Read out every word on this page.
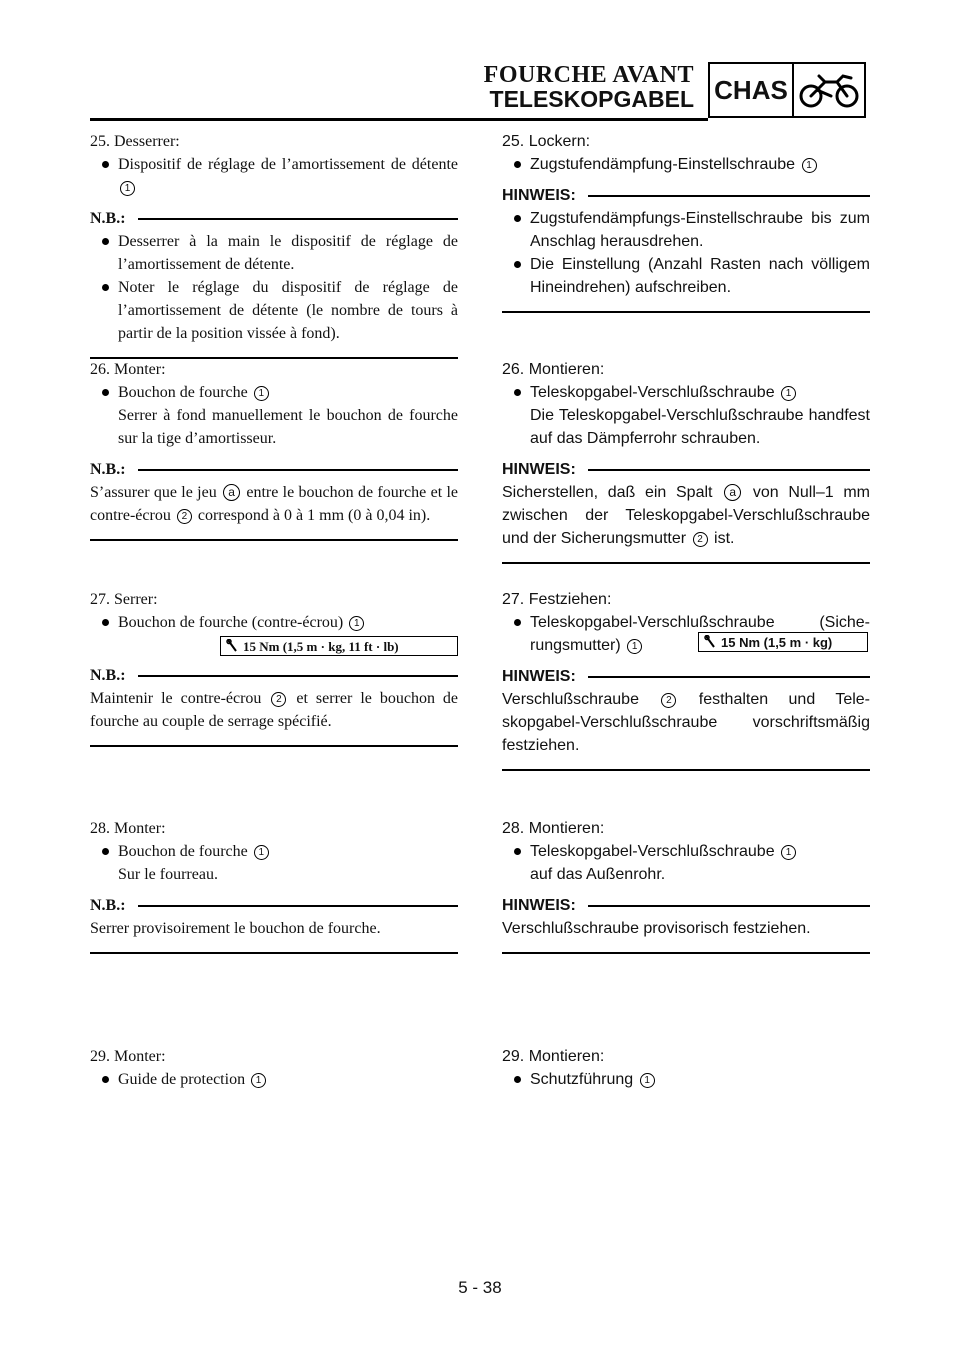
FOURCHE AVANT
TELESKOPGABEL CHAS

25. Desserrer:

Dispositif de réglage de l’amortissement de détente 1

N.B.:

Desserrer à la main le dispositif de réglage de l’amortissement de détente.

Noter le réglage du dispositif de réglage de l’amortissement de détente (le nombre de tours à partir de la position vissée à fond).

26. Monter:

Bouchon de fourche 1

Serrer à fond manuellement le bouchon de fourche sur la tige d’amortisseur.

N.B.:

S’assurer que le jeu a entre le bouchon de fourche et le contre-écrou 2 correspond à 0 à 1 mm (0 à 0,04 in).

27. Serrer:

Bouchon de fourche (contre-écrou) 1

15 Nm (1,5 m · kg, 11 ft · lb)
N.B.:

Maintenir le contre-écrou 2 et serrer le bouchon de fourche au couple de serrage spécifié.

28. Monter:

Bouchon de fourche 1

Sur le fourreau.

N.B.:

Serrer provisoirement le bouchon de fourche.

29. Monter:

Guide de protection 1

25. Lockern:

Zugstufendämpfung-Einstellschraube 1

HINWEIS:

Zugstufendämpfungs-Einstellschraube bis zum Anschlag herausdrehen.

Die Einstellung (Anzahl Rasten nach völligem Hineindrehen) aufschreiben.

26. Montieren:

Teleskopgabel-Verschlußschraube 1

Die Teleskopgabel-Verschlußschraube handfest auf das Dämpferrohr schrauben.

HINWEIS:

Sicherstellen, daß ein Spalt a von Null–1 mm zwischen der Teleskopgabel-Verschlußschraube und der Sicherungsmutter 2 ist.

27. Festziehen:

Teleskopgabel-Verschlußschraube (Sicherungsmutter) 1	15 Nm (1,5 m · kg)
HINWEIS:

Verschlußschraube	2 festhalten und Teleskopgabel-Verschlußschraube vorschriftsmäßig festziehen.

28. Montieren:

Teleskopgabel-Verschlußschraube 1

auf das Außenrohr.

HINWEIS:

Verschlußschraube provisorisch festziehen.

29. Montieren:

Schutzführung 1

5 - 38
